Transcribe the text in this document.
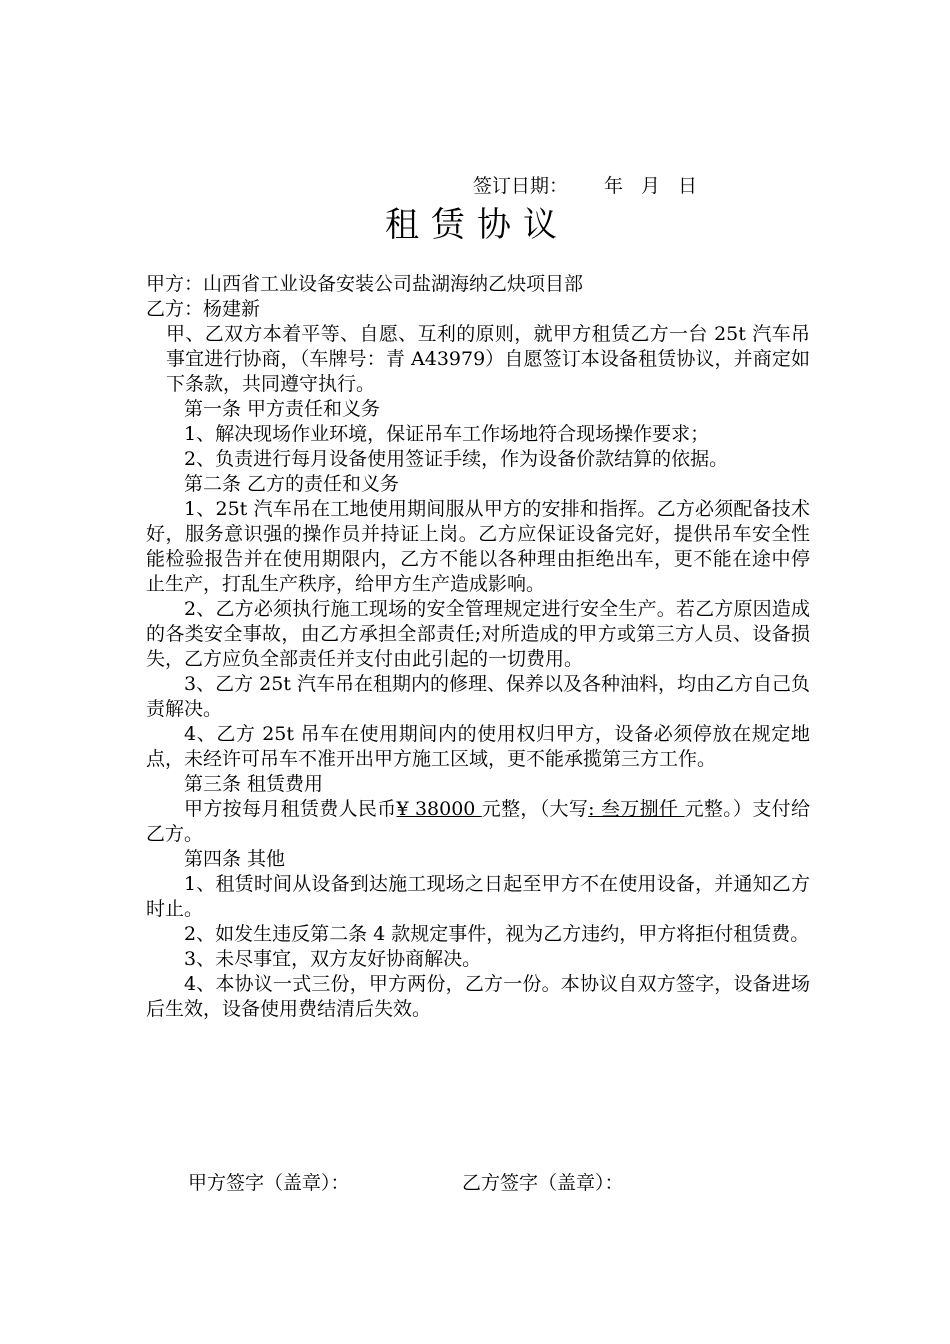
签订日期： 年 月 日
租赁协议
甲方：山西省工业设备安装公司盐湖海纳乙炔项目部
乙方：杨建新
甲、乙双方本着平等、自愿、互利的原则，就甲方租赁乙方一台 25t 汽车吊事宜进行协商，（车牌号：青 A43979）自愿签订本设备租赁协议，并商定如下条款，共同遵守执行。
第一条 甲方责任和义务
1、解决现场作业环境，保证吊车工作场地符合现场操作要求；
2、负责进行每月设备使用签证手续，作为设备价款结算的依据。
第二条 乙方的责任和义务
1、25t 汽车吊在工地使用期间服从甲方的安排和指挥。乙方必须配备技术好，服务意识强的操作员并持证上岗。乙方应保证设备完好，提供吊车安全性能检验报告并在使用期限内，乙方不能以各种理由拒绝出车，更不能在途中停止生产，打乱生产秩序，给甲方生产造成影响。
2、乙方必须执行施工现场的安全管理规定进行安全生产。若乙方原因造成的各类安全事故，由乙方承担全部责任;对所造成的甲方或第三方人员、设备损失，乙方应负全部责任并支付由此引起的一切费用。
3、乙方 25t 汽车吊在租期内的修理、保养以及各种油料，均由乙方自己负责解决。
4、乙方 25t 吊车在使用期间内的使用权归甲方，设备必须停放在规定地点，未经许可吊车不准开出甲方施工区域，更不能承揽第三方工作。
第三条 租赁费用
甲方按每月租赁费人民币¥ 38000 元整，（大写: 叁万捌仟 元整。）支付给乙方。
第四条 其他
1、租赁时间从设备到达施工现场之日起至甲方不在使用设备，并通知乙方时止。
2、如发生违反第二条 4 款规定事件，视为乙方违约，甲方将拒付租赁费。
3、未尽事宜，双方友好协商解决。
4、本协议一式三份，甲方两份，乙方一份。本协议自双方签字，设备进场后生效，设备使用费结清后失效。
甲方签字（盖章）：	乙方签字（盖章）：
